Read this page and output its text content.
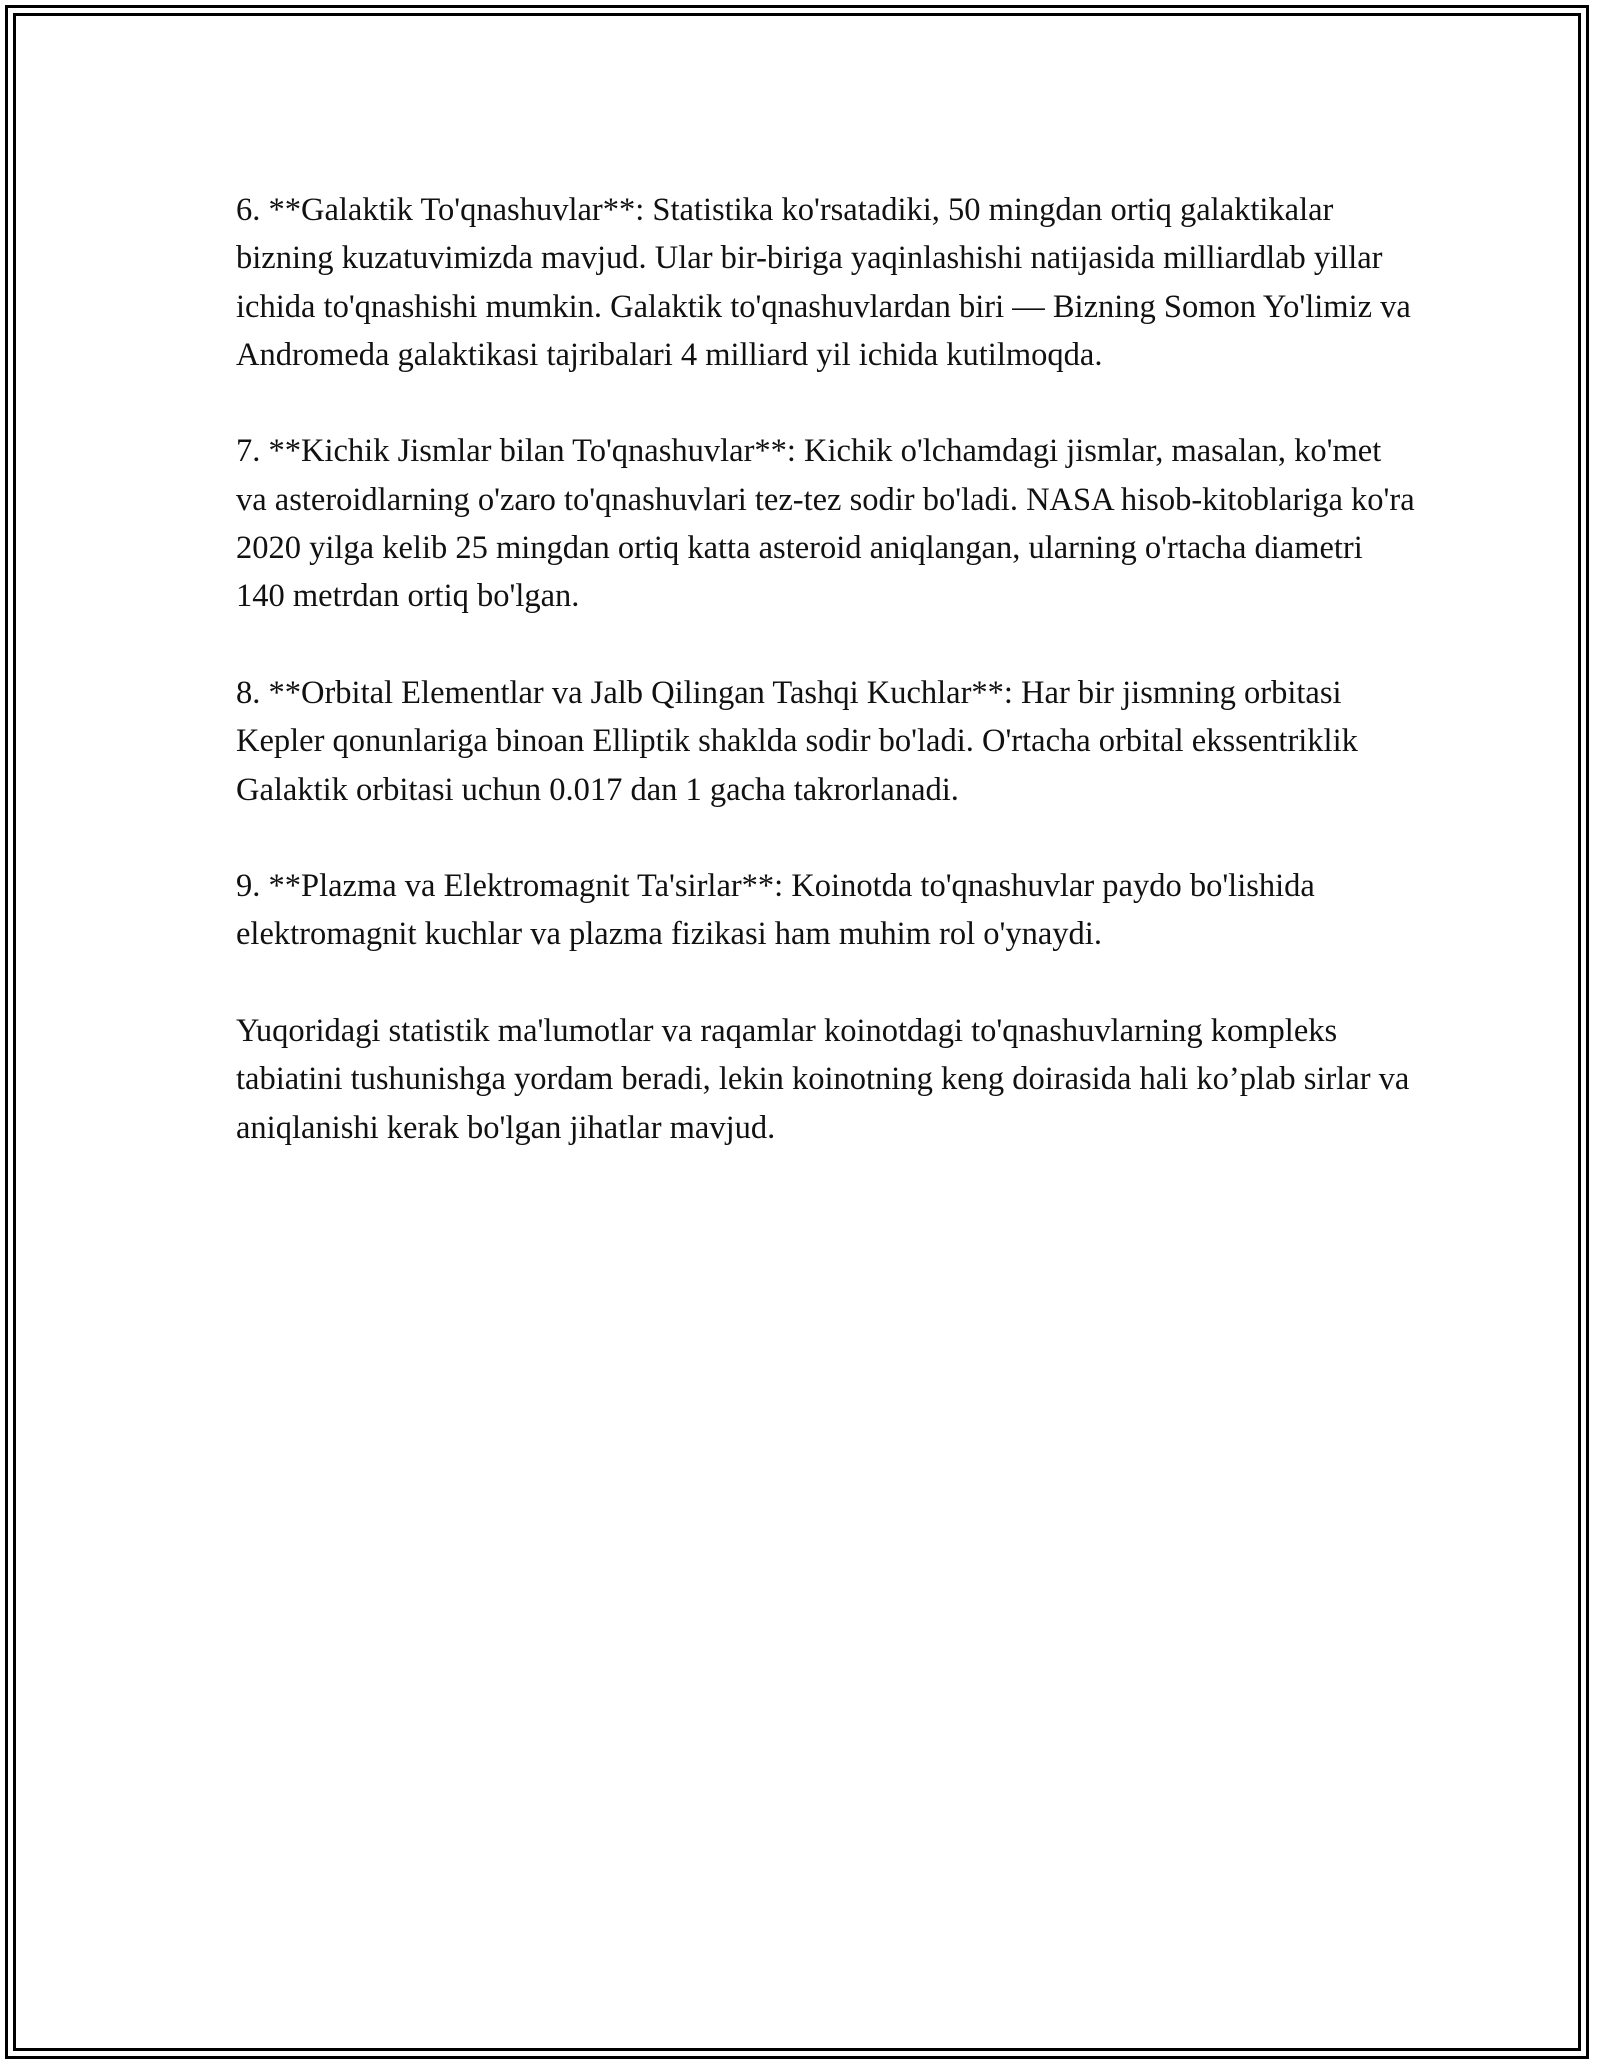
6. **Galaktik To'qnashuvlar**: Statistika ko'rsatadiki, 50 mingdan ortiq galaktikalar bizning kuzatuvimizda mavjud. Ular bir-biriga yaqinlashishi natijasida milliardlab yillar ichida to'qnashishi mumkin. Galaktik to'qnashuvlardan biri — Bizning Somon Yo'limiz va Andromeda galaktikasi tajribalari 4 milliard yil ichida kutilmoqda.

7. **Kichik Jismlar bilan To'qnashuvlar**: Kichik o'lchamdagi jismlar, masalan, ko'met va asteroidlarning o'zaro to'qnashuvlari tez-tez sodir bo'ladi. NASA hisob-kitoblariga ko'ra 2020 yilga kelib 25 mingdan ortiq katta asteroid aniqlangan, ularning o'rtacha diametri 140 metrdan ortiq bo'lgan.

8. **Orbital Elementlar va Jalb Qilingan Tashqi Kuchlar**: Har bir jismning orbitasi Kepler qonunlariga binoan Elliptik shaklda sodir bo'ladi. O'rtacha orbital ekssentriklik Galaktik orbitasi uchun 0.017 dan 1 gacha takrorlanadi.

9. **Plazma va Elektromagnit Ta'sirlar**: Koinotda to'qnashuvlar paydo bo'lishida elektromagnit kuchlar va plazma fizikasi ham muhim rol o'ynaydi.

Yuqoridagi statistik ma'lumotlar va raqamlar koinotdagi to'qnashuvlarning kompleks tabiatini tushunishga yordam beradi, lekin koinotning keng doirasida hali ko’plab sirlar va aniqlanishi kerak bo'lgan jihatlar mavjud.
